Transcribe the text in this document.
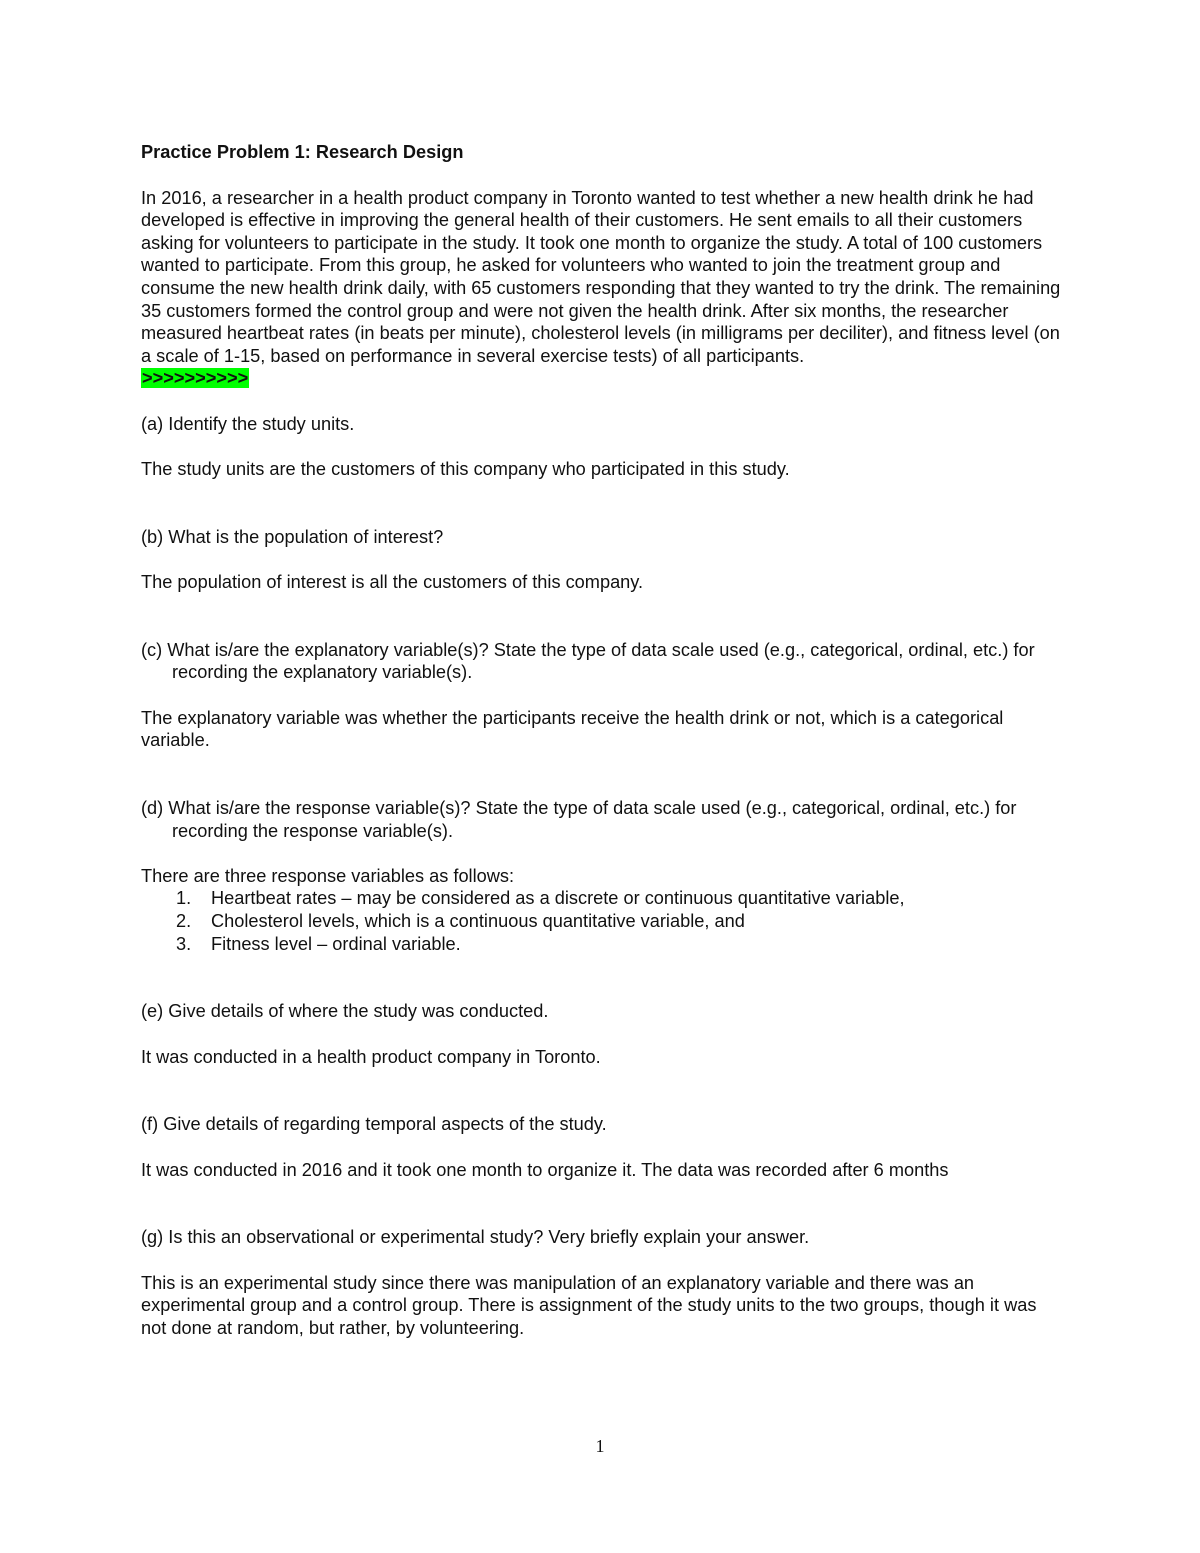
Practice Problem 1: Research Design

In 2016, a researcher in a health product company in Toronto wanted to test whether a new health drink he had developed is effective in improving the general health of their customers. He sent emails to all their customers asking for volunteers to participate in the study. It took one month to organize the study. A total of 100 customers wanted to participate. From this group, he asked for volunteers who wanted to join the treatment group and consume the new health drink daily, with 65 customers responding that they wanted to try the drink. The remaining 35 customers formed the control group and were not given the health drink. After six months, the researcher measured heartbeat rates (in beats per minute), cholesterol levels (in milligrams per deciliter), and fitness level (on a scale of 1-15, based on performance in several exercise tests) of all participants.

>>>>>>>>>>

(a) Identify the study units.

The study units are the customers of this company who participated in this study.

(b) What is the population of interest?

The population of interest is all the customers of this company.

(c) What is/are the explanatory variable(s)? State the type of data scale used (e.g., categorical, ordinal, etc.) for recording the explanatory variable(s).

The explanatory variable was whether the participants receive the health drink or not, which is a categorical variable.

(d) What is/are the response variable(s)? State the type of data scale used (e.g., categorical, ordinal, etc.) for recording the response variable(s).

There are three response variables as follows:

1. Heartbeat rates – may be considered as a discrete or continuous quantitative variable,
2. Cholesterol levels, which is a continuous quantitative variable, and
3. Fitness level – ordinal variable.

(e) Give details of where the study was conducted.

It was conducted in a health product company in Toronto.

(f) Give details of regarding temporal aspects of the study.

It was conducted in 2016 and it took one month to organize it. The data was recorded after 6 months

(g) Is this an observational or experimental study? Very briefly explain your answer.

This is an experimental study since there was manipulation of an explanatory variable and there was an experimental group and a control group. There is assignment of the study units to the two groups, though it was not done at random, but rather, by volunteering.

1
